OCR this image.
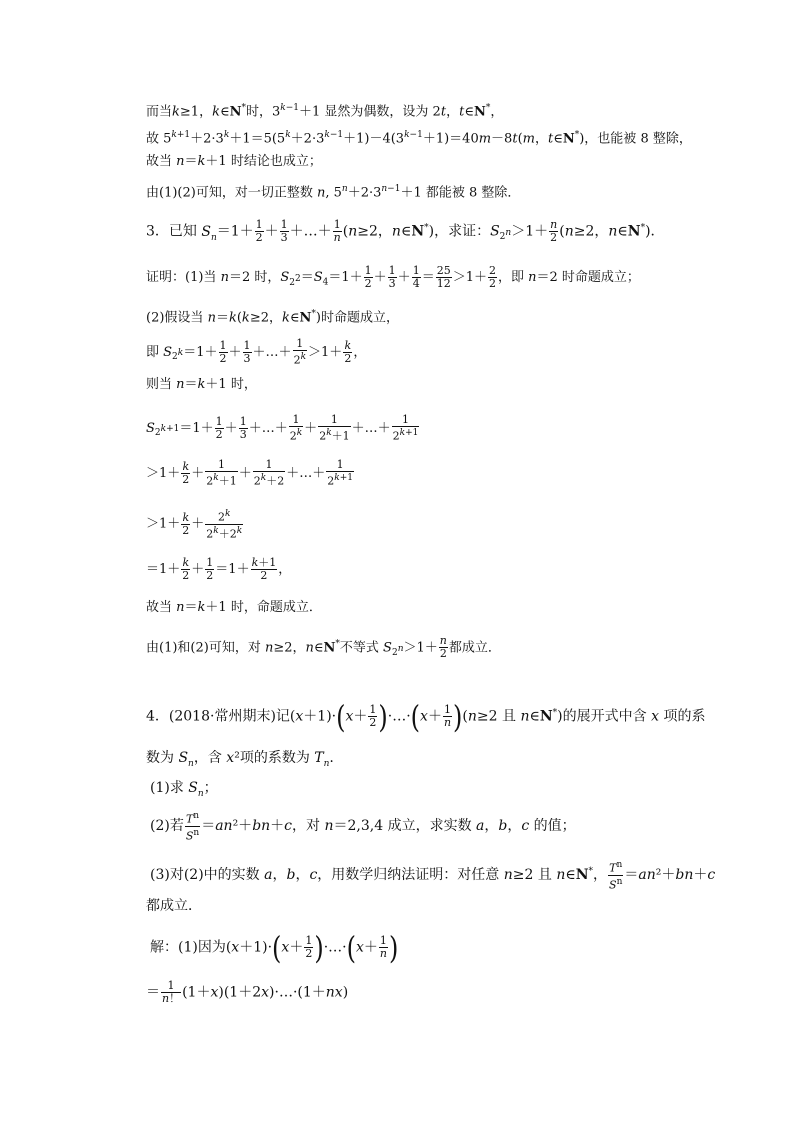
而当k≥1，k∈N*时，$3^{k-1}+1$ 显然为偶数，设为 2t，t∈N*，
故 $5^{k+1}+2\cdot 3^k+1=5(5^k+2\cdot 3^{k-1}+1)-4(3^{k-1}+1)=40m-8t(m$，t∈N*)，也能被 8 整除，
故当 n＝k＋1 时结论也成立；
由(1)(2)可知，对一切正整数 n, $5^n+2\cdot 3^{n-1}+1$ 都能被 8 整除．
3．已知 $S_n=1+ \frac{1}{2} + \frac{1}{3}$ ＋…＋ $\frac{1}{n} (n\ge 2$，n∈N*)，求证：$S_{2^n}>1+ \frac{n}{2} (n\ge 2$，n∈N*)．
证明：(1)当 n＝2 时，$S_{2^2}=S_4=1+ \frac{1}{2} + \frac{1}{3} + \frac{1}{4} = \frac{25}{12} >1+ \frac{2}{2}$ ，即 n＝2 时命题成立；
(2)假设当 n＝k(k≥2，k∈N*)时命题成立，
即 $S_{2^k}=1+ \frac{1}{2} + \frac{1}{3}$ ＋…＋ $\frac{1}{2^k} >1+ \frac{k}{2}$ ，
则当 n＝k＋1 时，
$S_{2^{k+1}}=1+ \frac{1}{2} + \frac{1}{3}$ ＋…＋ $\frac{1}{2^k} + \frac{1}{2^k+1}$ ＋…＋ $\frac{1}{2^{k+1}}$
$>1+ \frac{k}{2} + \frac{1}{2^k+1} + \frac{1}{2^k+2}$ ＋…＋ $\frac{1}{2^{k+1}}$
$>1+ \frac{k}{2} + \frac{2^k}{2^k+2^k}$
$=1+ \frac{k}{2} + \frac{1}{2} =1+ \frac{k+1}{2}$ ，
故当 n＝k＋1 时，命题成立．
由(1)和(2)可知，对 n≥2，n∈N*不等式 $S_{2^n}>1+ \frac{n}{2}$ 都成立．
4．(2018·常州期末)记$(x+1)\cdot(x+ \frac{1}{2}$ )·…·(x＋ $\frac{1}{n} )(n\ge 2$ 且 n∈N*)的展开式中含 x 项的系
数为 $S_n$，含 x²项的系数为 $T_n$.
(1)求 $S_n$；
(2)若 $\frac{T^n}{S^n} =an^2+bn+c$，对 n＝2,3,4 成立，求实数 a，b，c 的值；
(3)对(2)中的实数 a，b，c，用数学归纳法证明：对任意 n≥2 且 n∈N*， $\frac{T^n}{S^n} =an^2+bn+c$
都成立．
解：(1)因为$(x+1)\cdot(x+ \frac{1}{2}$ )·…·(x＋ $\frac{1}{n}$ )
＝ $\frac{1}{n!}$ (1＋x)(1＋2x)·…·(1＋nx)
